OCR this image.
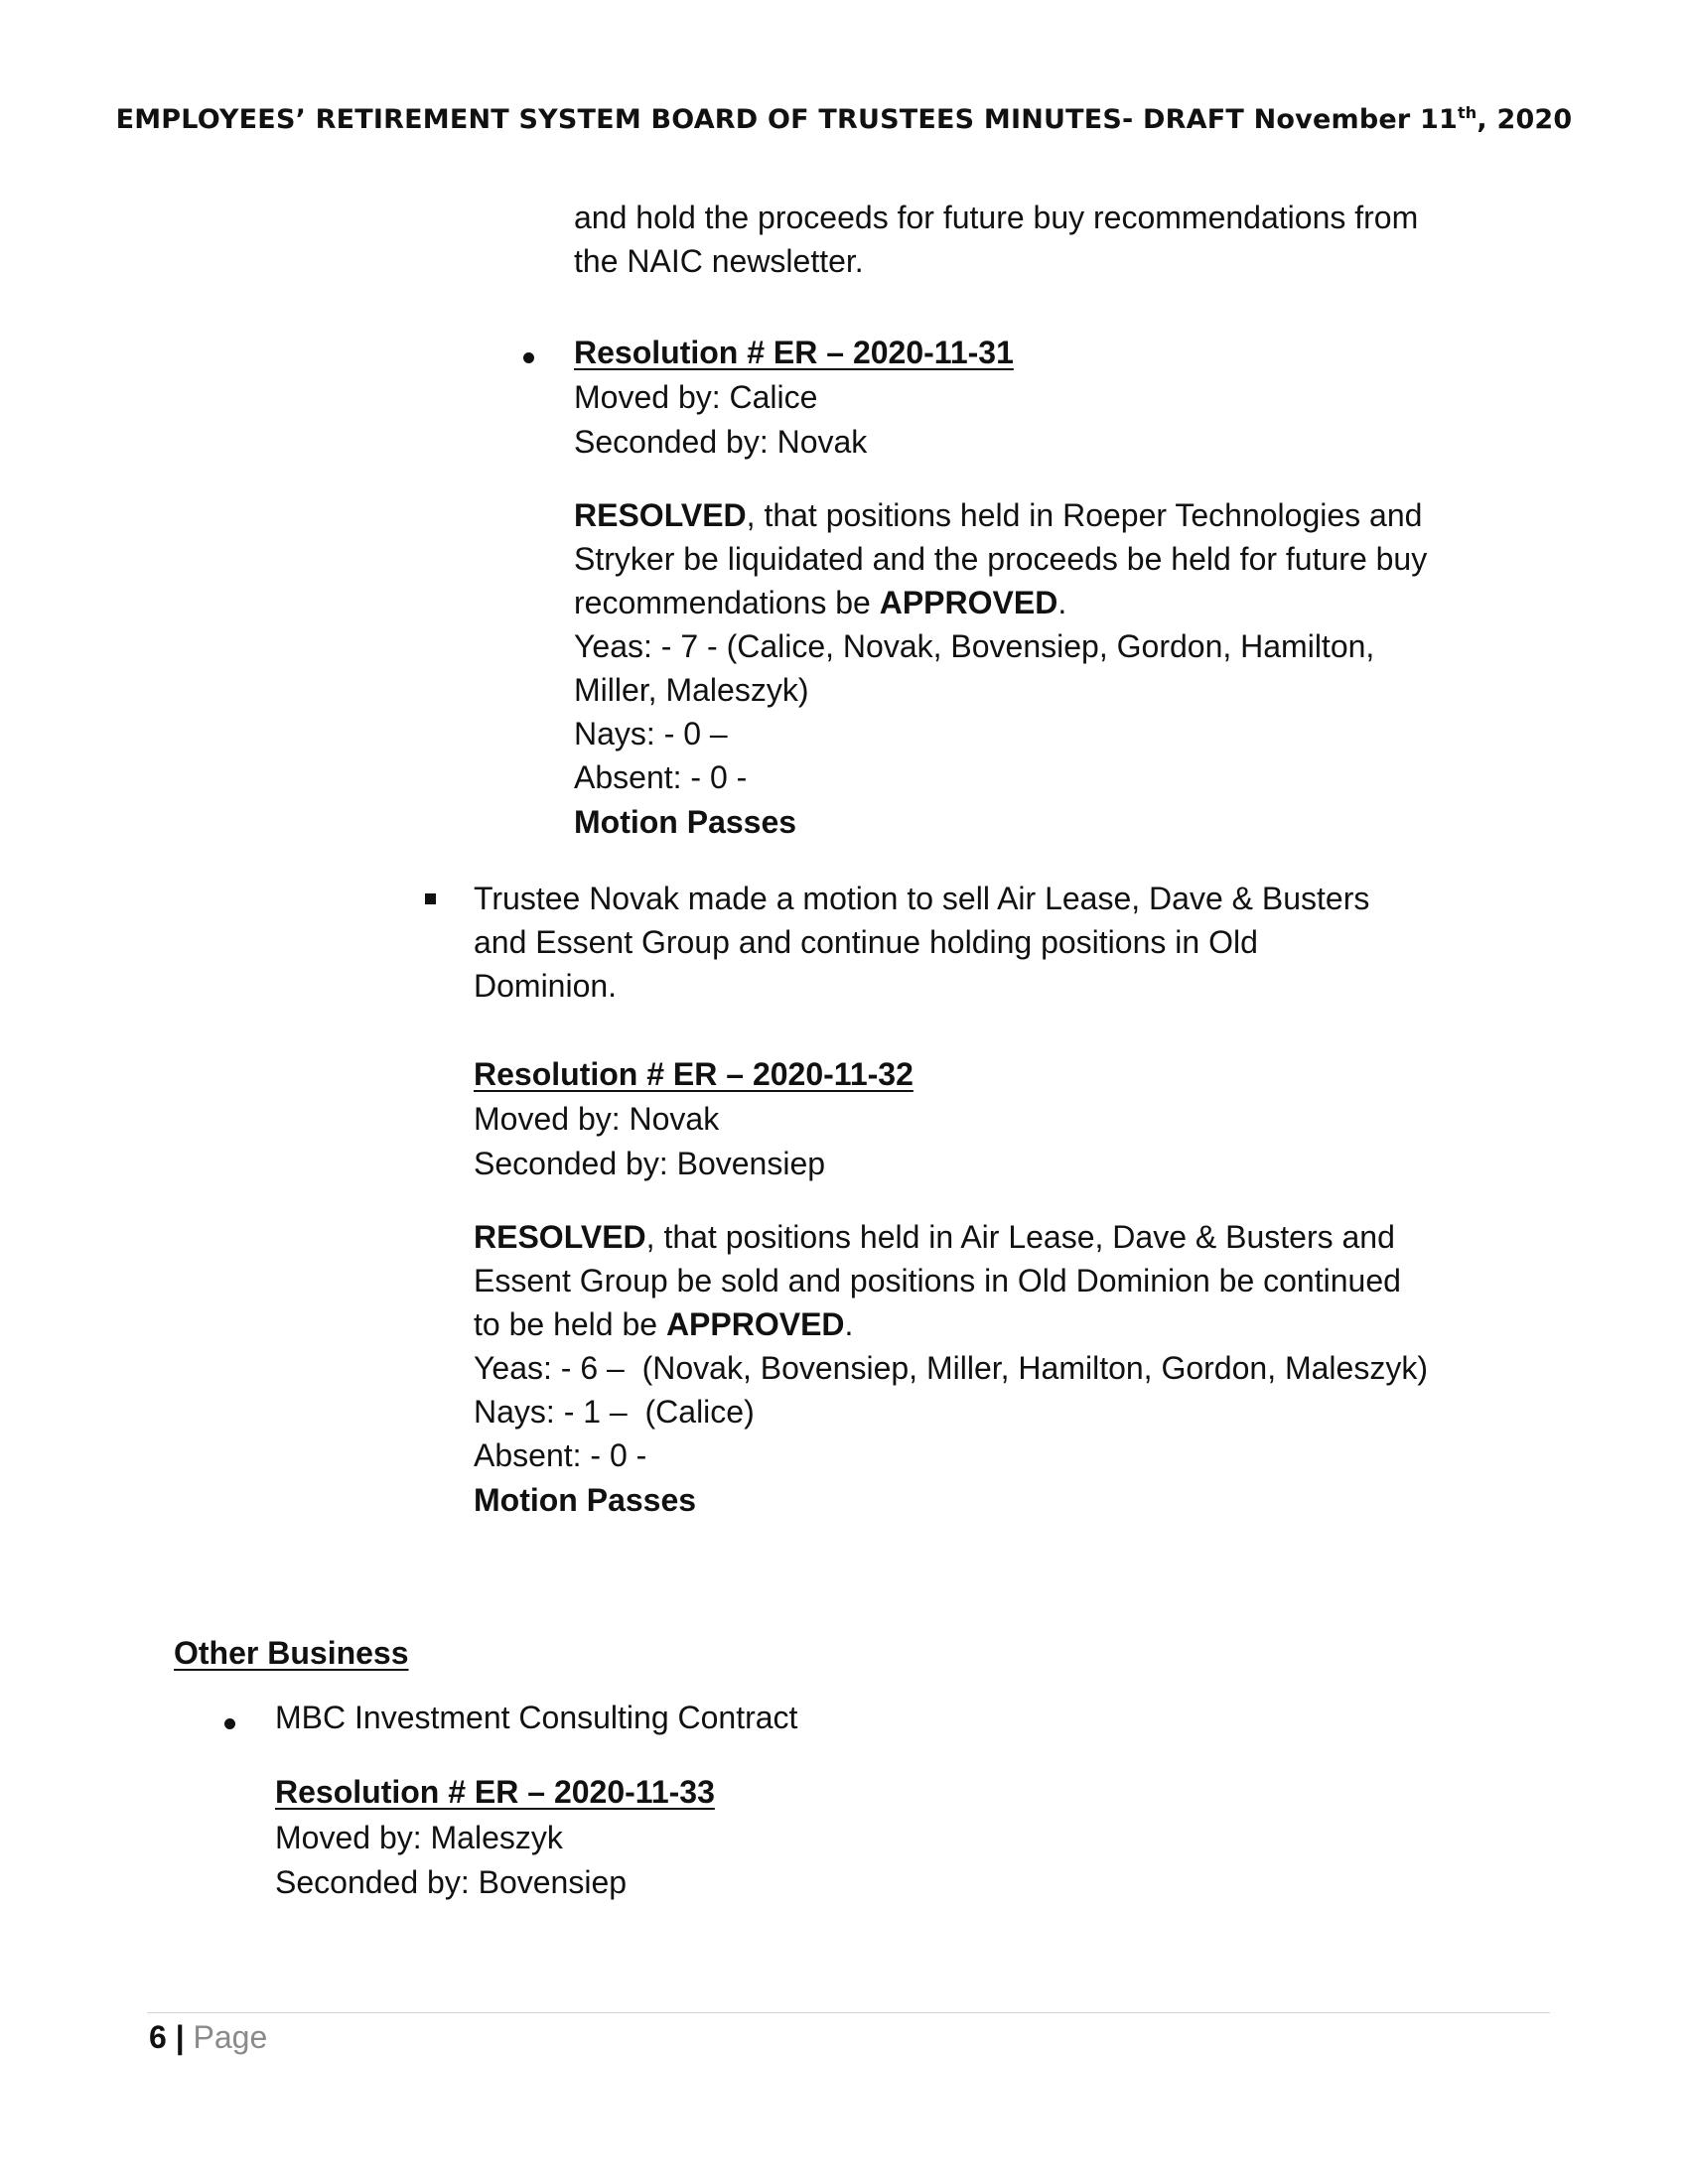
EMPLOYEES’ RETIREMENT SYSTEM BOARD OF TRUSTEES MINUTES- DRAFT November 11th, 2020
and hold the proceeds for future buy recommendations from
the NAIC newsletter.
Resolution # ER – 2020-11-31
Moved by: Calice
Seconded by: Novak
RESOLVED, that positions held in Roeper Technologies and
Stryker be liquidated and the proceeds be held for future buy
recommendations be APPROVED.
Yeas: - 7 - (Calice, Novak, Bovensiep, Gordon, Hamilton,
Miller, Maleszyk)
Nays: - 0 –
Absent: - 0 -
Motion Passes
Trustee Novak made a motion to sell Air Lease, Dave & Busters
and Essent Group and continue holding positions in Old
Dominion.
Resolution # ER – 2020-11-32
Moved by: Novak
Seconded by: Bovensiep
RESOLVED, that positions held in Air Lease, Dave & Busters and
Essent Group be sold and positions in Old Dominion be continued
to be held be APPROVED.
Yeas: - 6 –  (Novak, Bovensiep, Miller, Hamilton, Gordon, Maleszyk)
Nays: - 1 –  (Calice)
Absent: - 0 -
Motion Passes
Other Business
MBC Investment Consulting Contract
Resolution # ER – 2020-11-33
Moved by: Maleszyk
Seconded by: Bovensiep
6 | Page
